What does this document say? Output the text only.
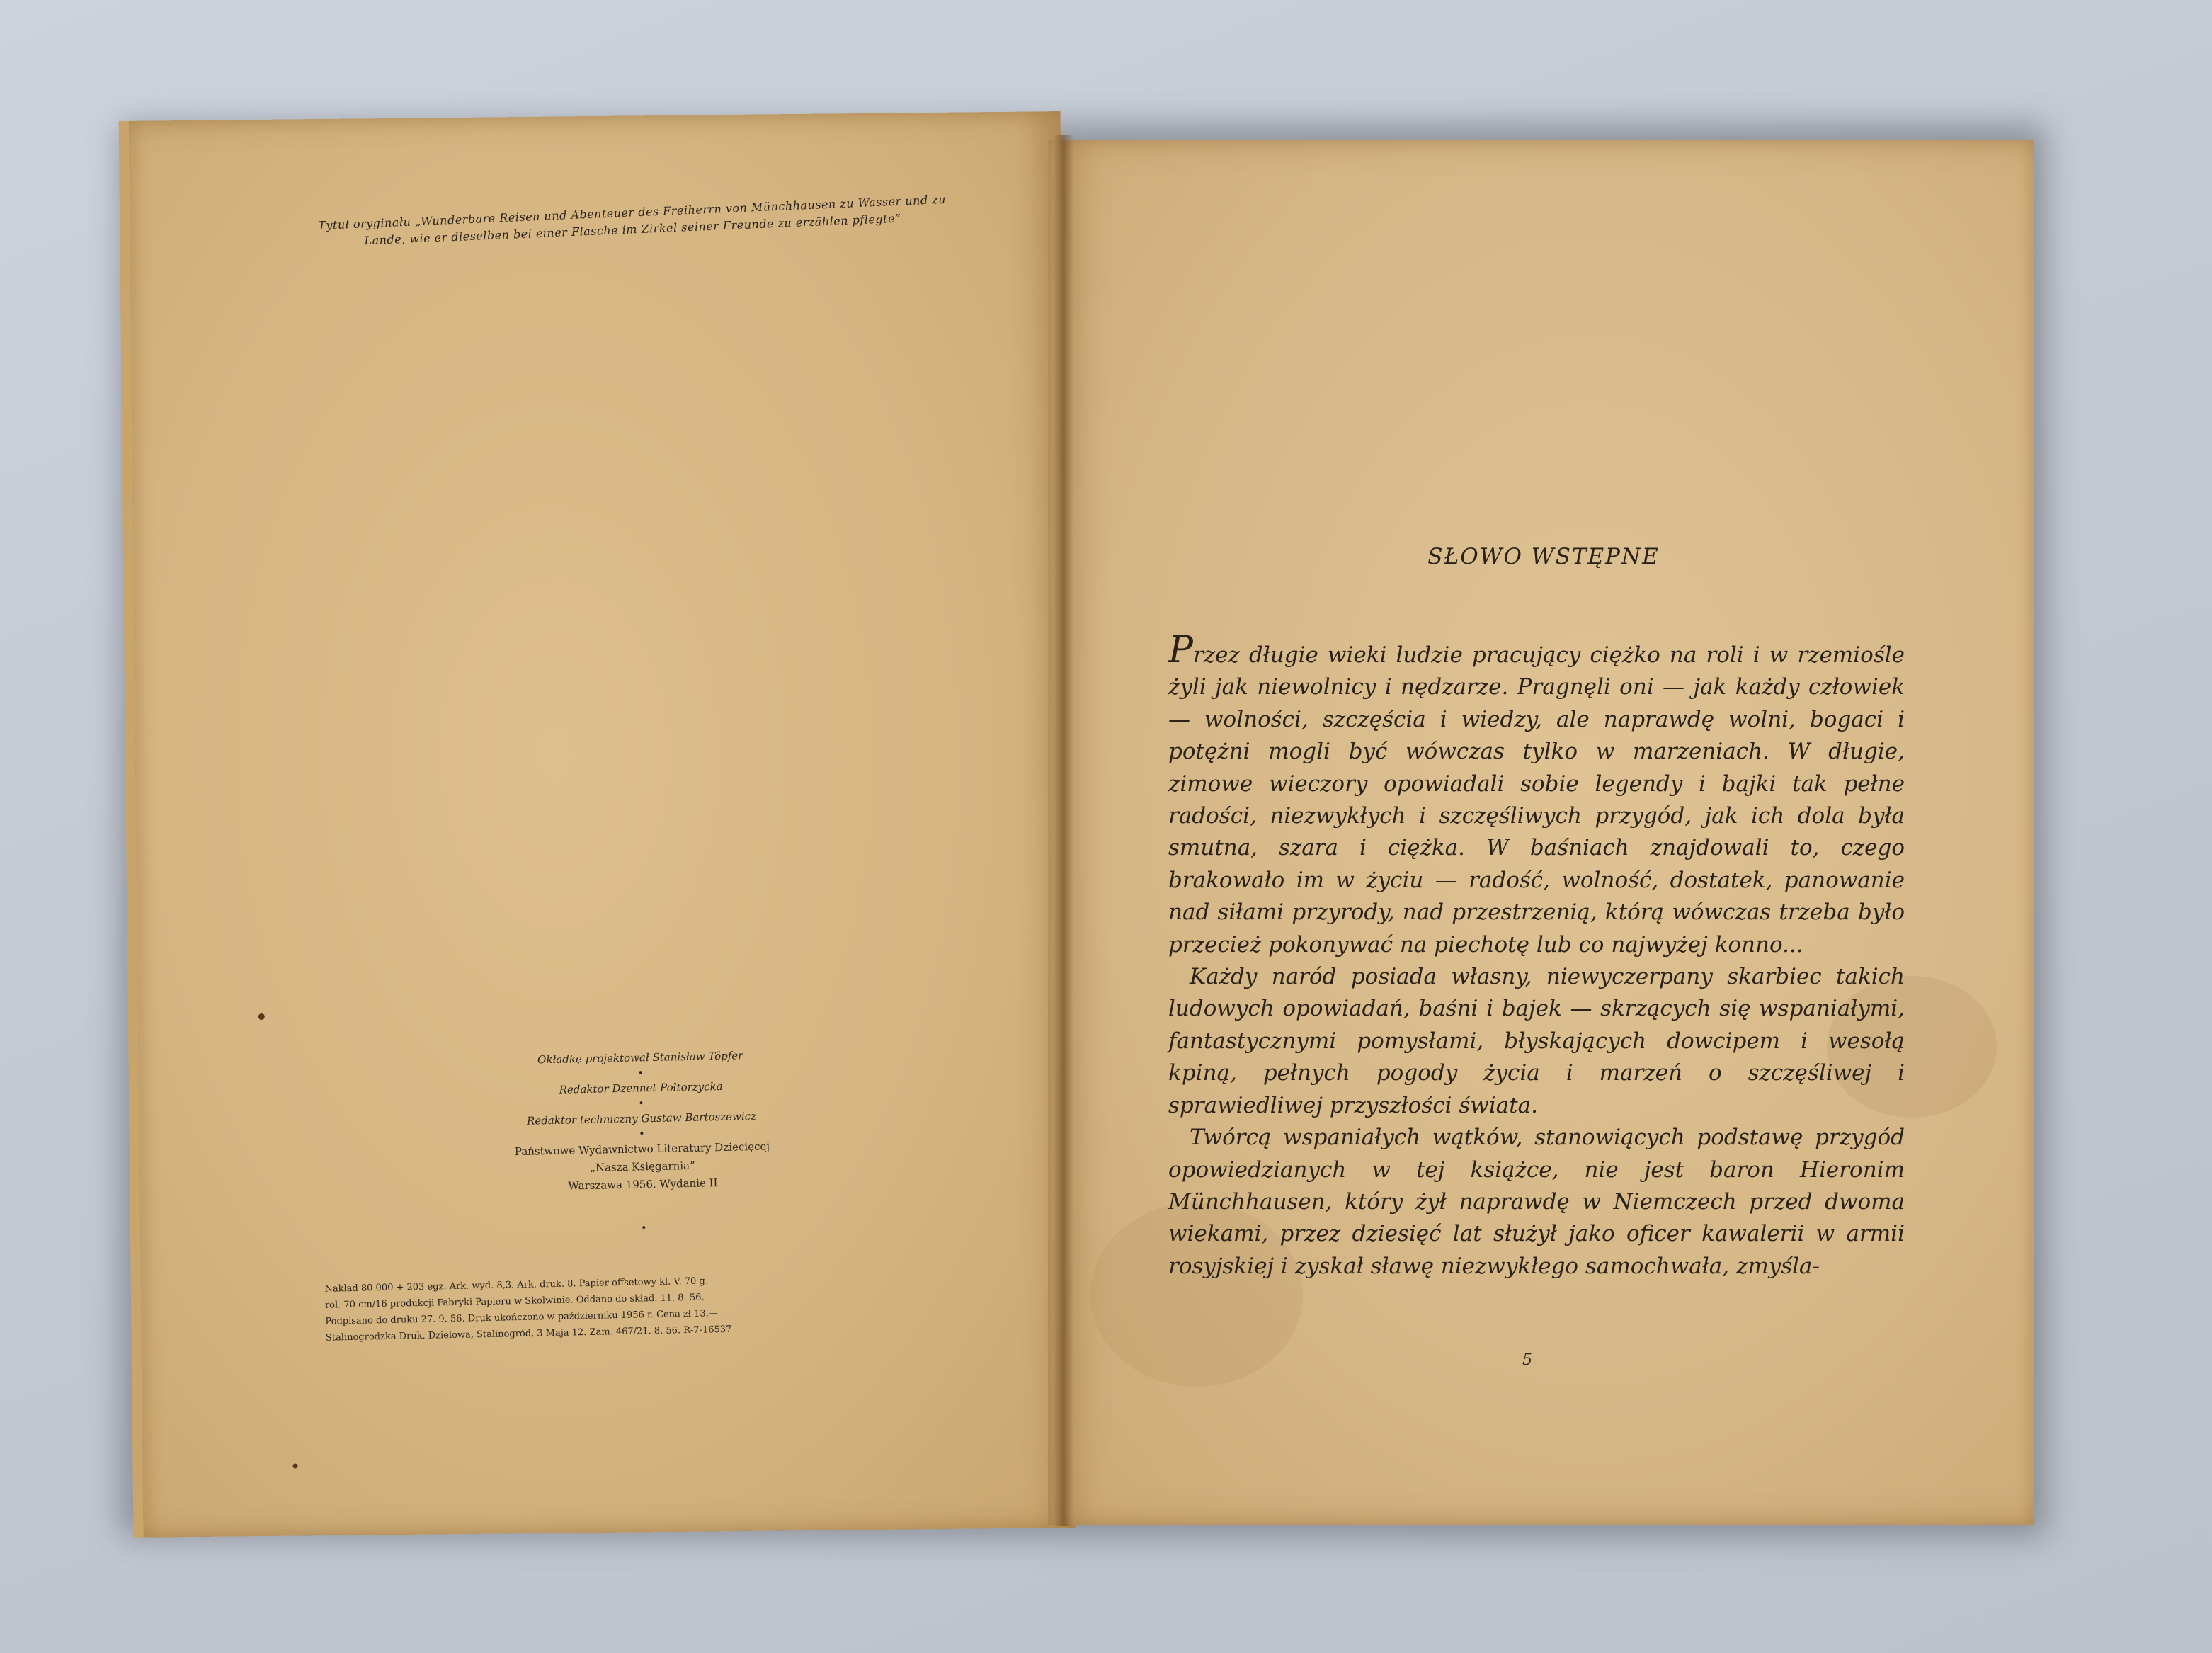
Tytuł oryginału „Wunderbare Reisen und Abenteuer des Freiherrn von Münchhausen zu Wasser und zu Lande, wie er dieselben bei einer Flasche im Zirkel seiner Freunde zu erzählen pflegte”
Okładkę projektował Stanisław Töpfer
•
Redaktor Dzennet Połtorzycka
•
Redaktor techniczny Gustaw Bartoszewicz
•
Państwowe Wydawnictwo Literatury Dziecięcej
„Nasza Księgarnia”
Warszawa 1956. Wydanie II
•
Nakład 80 000 + 203 egz. Ark. wyd. 8,3. Ark. druk. 8. Papier offsetowy kl. V, 70 g.
rol. 70 cm/16 produkcji Fabryki Papieru w Skolwinie. Oddano do skład. 11. 8. 56.
Podpisano do druku 27. 9. 56. Druk ukończono w październiku 1956 r. Cena zł 13,—
Stalinogrodzka Druk. Dzielowa, Stalinogród, 3 Maja 12. Zam. 467/21. 8. 56. R-7-16537
SŁOWO WSTĘPNE

Przez długie wieki ludzie pracujący ciężko na roli i w rzemiośle żyli jak niewolnicy i nędzarze. Pragnęli oni — jak każdy człowiek — wolności, szczęścia i wiedzy, ale naprawdę wolni, bogaci i potężni mogli być wówczas tylko w marzeniach. W długie, zimowe wieczory opowiadali sobie legendy i bajki tak pełne radości, niezwykłych i szczęśliwych przygód, jak ich dola była smutna, szara i ciężka. W baśniach znajdowali to, czego brakowało im w życiu — radość, wolność, dostatek, panowanie nad siłami przyrody, nad przestrzenią, którą wówczas trzeba było przecież pokonywać na piechotę lub co najwyżej konno...

Każdy naród posiada własny, niewyczerpany skarbiec takich ludowych opowiadań, baśni i bajek — skrzących się wspaniałymi, fantastycznymi pomysłami, błyskających dowcipem i wesołą kpiną, pełnych pogody życia i marzeń o szczęśliwej i sprawiedliwej przyszłości świata.

Twórcą wspaniałych wątków, stanowiących podstawę przygód opowiedzianych w tej książce, nie jest baron Hieronim Münchhausen, który żył naprawdę w Niemczech przed dwoma wiekami, przez dziesięć lat służył jako oficer kawalerii w armii rosyjskiej i zyskał sławę niezwykłego samochwała, zmyśla-

5
